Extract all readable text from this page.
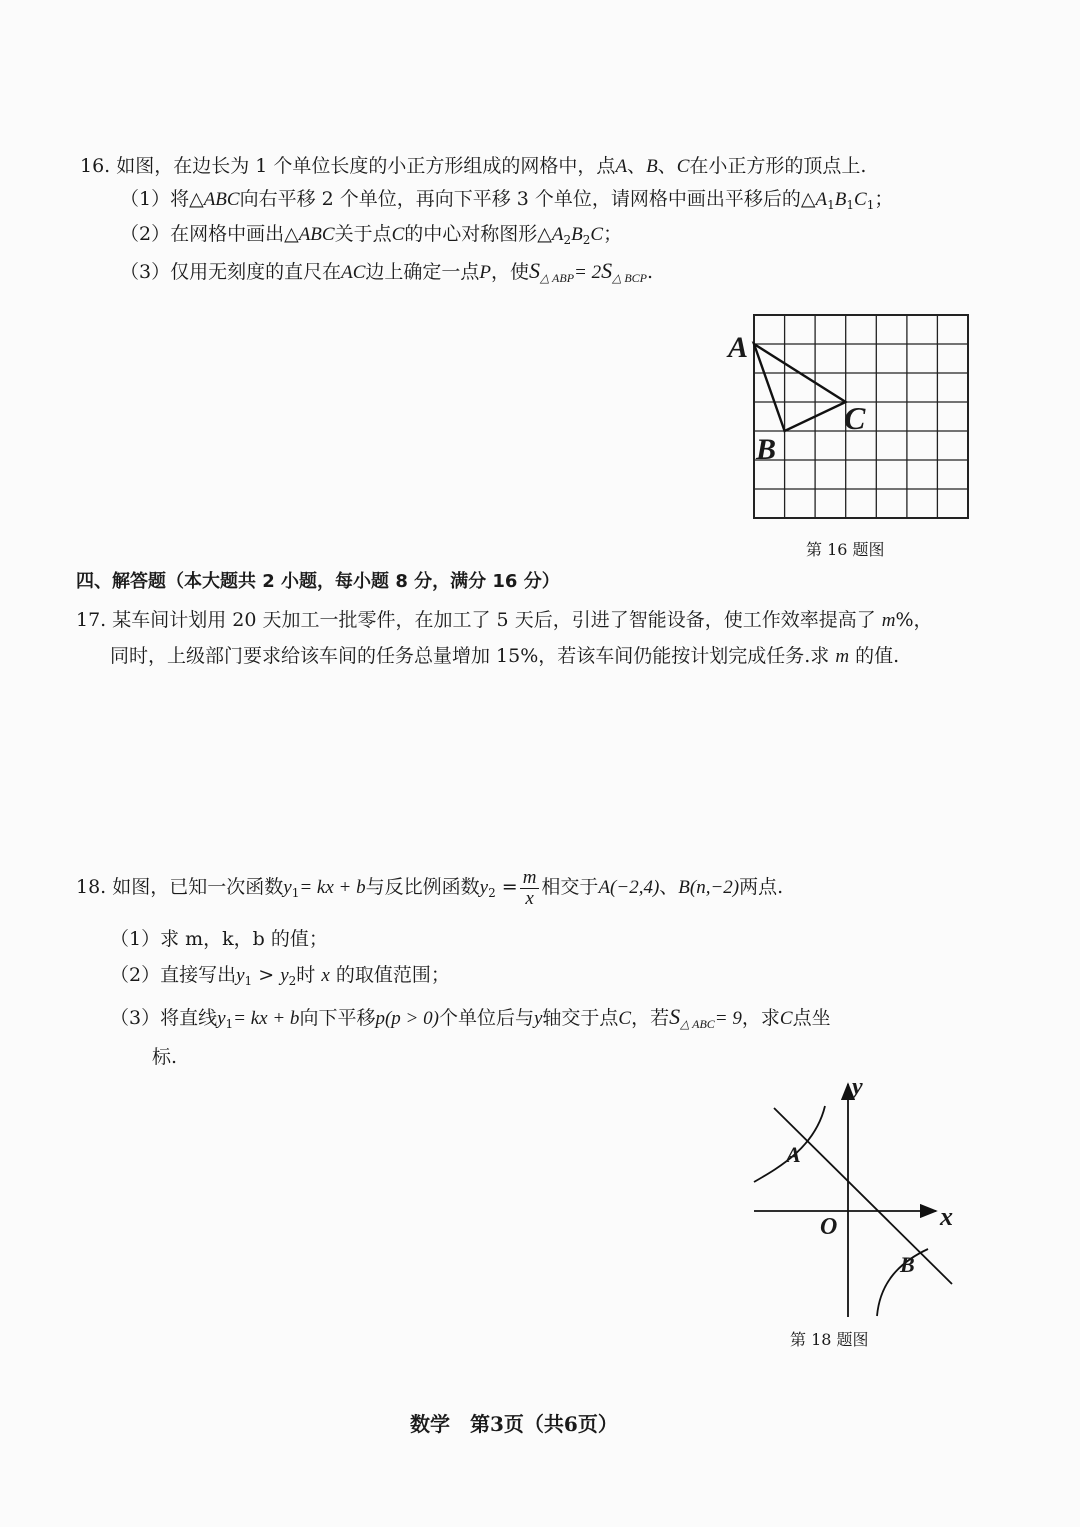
16. 如图，在边长为 1 个单位长度的小正方形组成的网格中，点A、B、C在小正方形的顶点上.
（1）将△ABC向右平移 2 个单位，再向下平移 3 个单位，请网格中画出平移后的$\triangle A_1B_1C_1$；
（2）在网格中画出△ABC关于点C的中心对称图形$\triangle A_2B_2C$；
（3）仅用无刻度的直尺在AC边上确定一点P，使$S_{\triangle ABP}= 2S_{\triangle BCP}$.
A
B
C
第 16 题图
四、解答题（本大题共 2 小题，每小题 8 分，满分 16 分）
17. 某车间计划用 20 天加工一批零件，在加工了 5 天后，引进了智能设备，使工作效率提高了 m%，
同时，上级部门要求给该车间的任务总量增加 15%，若该车间仍能按计划完成任务.求 m 的值.
18. 如图，已知一次函数$y_1=$ kx + b与反比例函数$y_2 = \frac{m}{x}$ 相交于A(−2,4)、B(n,−2)两点.
（1）求 m，k，b 的值；
（2）直接写出$y_1 > y_2$时 x 的取值范围；
（3）将直线$y_1=$ kx + b向下平移p(p > 0)个单位后与y轴交于点C，若$S_{\triangle ABC}= 9$，求C点坐
标.
y
x
O
A
B
第 18 题图
数学　第3页（共6页）
